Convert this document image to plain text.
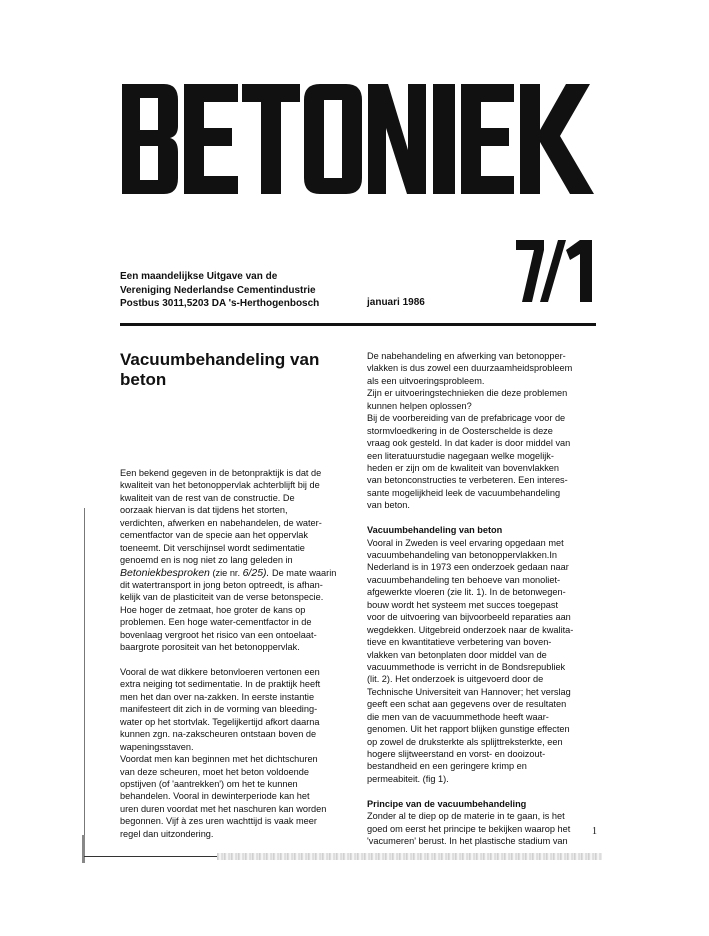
Een maandelijkse Uitgave van de
Vereniging Nederlandse Cementindustrie
Postbus 3011,5203 DA 's-Herthogenbosch	januari 1986
Vacuumbehandeling van beton
Een bekend gegeven in de betonpraktijk is dat de
kwaliteit van het betonoppervlak achterblijft bij de
kwaliteit van de rest van de constructie. De
oorzaak hiervan is dat tijdens het storten,
verdichten, afwerken en nabehandelen, de water-
cementfactor van de specie aan het oppervlak
toeneemt. Dit verschijnsel wordt sedimentatie
genoemd en is nog niet zo lang geleden in
Betoniekbesproken (zie nr. 6/25). De mate waarin
dit watertransport in jong beton optreedt, is afhan-
kelijk van de plasticiteit van de verse betonspecie.
Hoe hoger de zetmaat, hoe groter de kans op
problemen. Een hoge water-cementfactor in de
bovenlaag vergroot het risico van een ontoelaat-
baargrote porositeit van het betonoppervlak.
Vooral de wat dikkere betonvloeren vertonen een
extra neiging tot sedimentatie. In de praktijk heeft
men het dan over na-zakken. In eerste instantie
manifesteert dit zich in de vorming van bleeding-
water op het stortvlak. Tegelijkertijd afkort daarna
kunnen zgn. na-zakscheuren ontstaan boven de
wapeningsstaven.
Voordat men kan beginnen met het dichtschuren
van deze scheuren, moet het beton voldoende
opstijven (of 'aantrekken') om het te kunnen
behandelen. Vooral in dewinterperiode kan het
uren duren voordat met het naschuren kan worden
begonnen. Vijf à zes uren wachttijd is vaak meer
regel dan uitzondering.
De nabehandeling en afwerking van betonopper-
vlakken is dus zowel een duurzaamheidsprobleem
als een uitvoeringsprobleem.
Zijn er uitvoeringstechnieken die deze problemen
kunnen helpen oplossen?
Bij de voorbereiding van de prefabricage voor de
stormvloedkering in de Oosterschelde is deze
vraag ook gesteld. In dat kader is door middel van
een literatuurstudie nagegaan welke mogelijk-
heden er zijn om de kwaliteit van bovenvlakken
van betonconstructies te verbeteren. Een interes-
sante mogelijkheid leek de vacuumbehandeling
van beton.
Vacuumbehandeling van beton
Vooral in Zweden is veel ervaring opgedaan met
vacuumbehandeling van betonoppervlakken.In
Nederland is in 1973 een onderzoek gedaan naar
vacuumbehandeling ten behoeve van monoliet-
afgewerkte vloeren (zie lit. 1). In de betonwegen-
bouw wordt het systeem met succes toegepast
voor de uitvoering van bijvoorbeeld reparaties aan
wegdekken. Uitgebreid onderzoek naar de kwalita-
tieve en kwantitatieve verbetering van boven-
vlakken van betonplaten door middel van de
vacuummethode is verricht in de Bondsrepubliek
(lit. 2). Het onderzoek is uitgevoerd door de
Technische Universiteit van Hannover; het verslag
geeft een schat aan gegevens over de resultaten
die men van de vacuummethode heeft waar-
genomen. Uit het rapport blijken gunstige effecten
op zowel de druksterkte als splijttreksterkte, een
hogere slijtweerstand en vorst- en dooizout-
bestandheid en een geringere krimp en
permeabiteit. (fig 1).
Principe van de vacuumbehandeling
Zonder al te diep op de materie in te gaan, is het
goed om eerst het principe te bekijken waarop het
'vacumeren' berust. In het plastische stadium van
1
